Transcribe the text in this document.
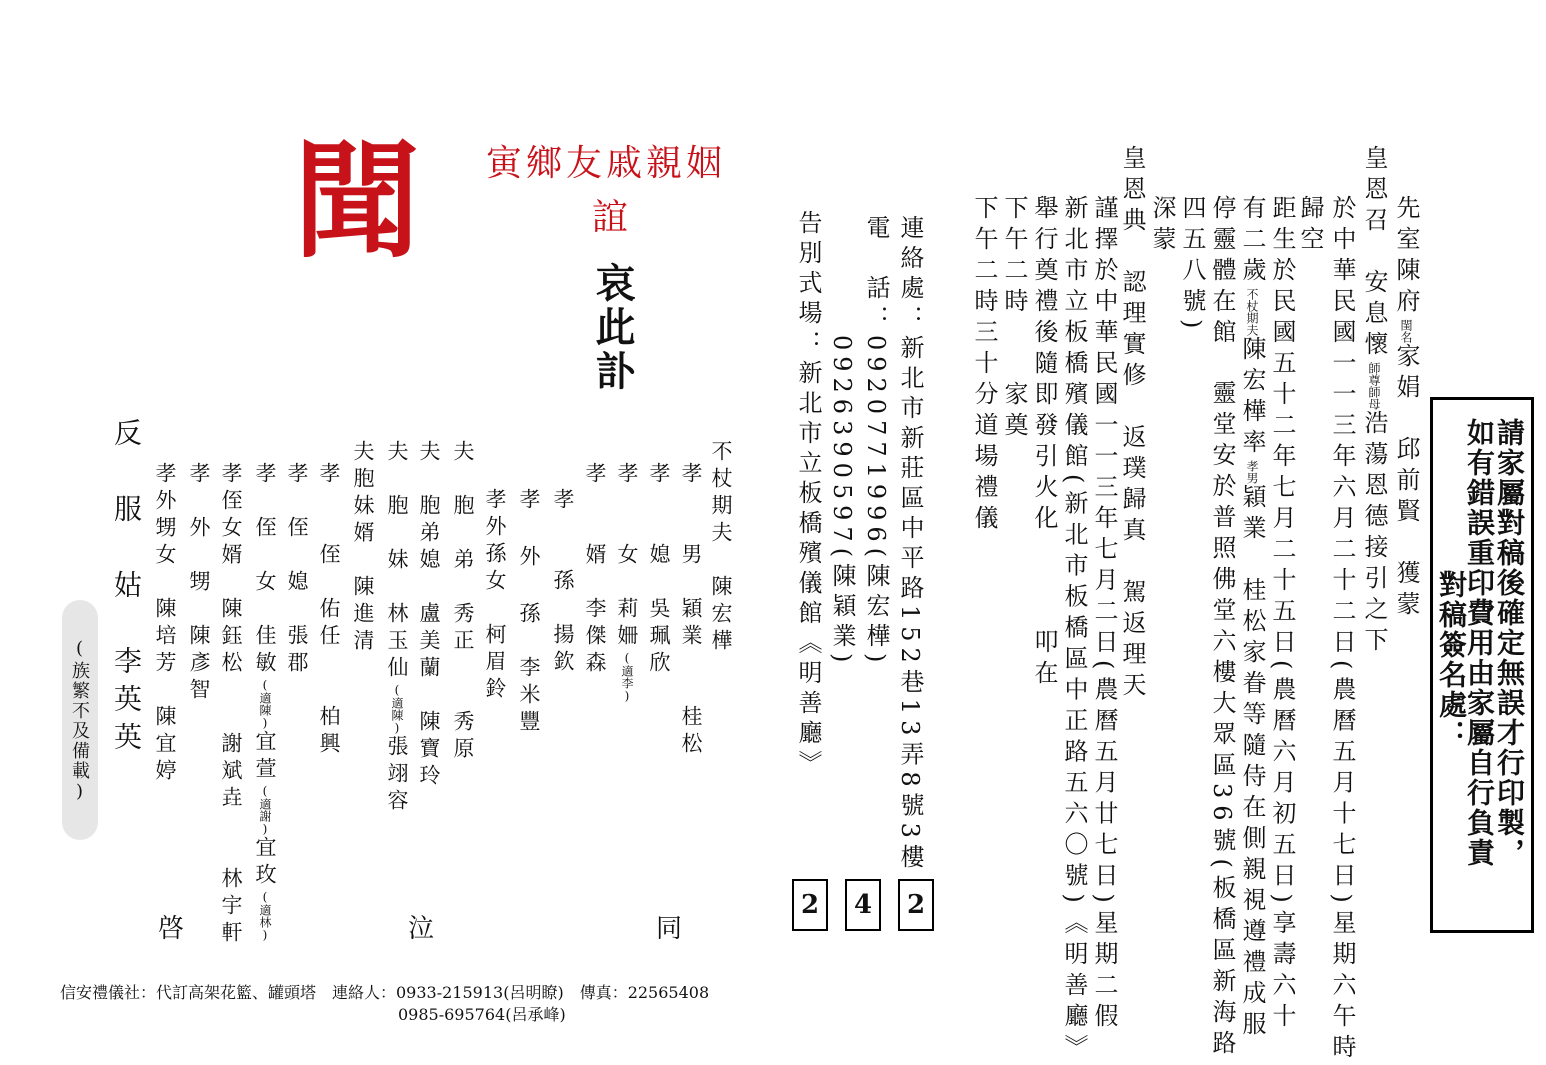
請家屬對稿後確定無誤才行印製，
如有錯誤重印費用由家屬自行負責
對稿簽名處：
先室陳府閨名家娟　邱前賢　獲蒙
皇恩召　安息懷師尊師母浩蕩恩德接引之下
於中華民國一一三年六月二十二日(農曆五月十七日)星期六午時
歸空
距生於民國五十二年七月二十五日(農曆六月初五日)享壽六十
有二歲不杖期夫陳宏樺率孝男穎業　桂松家眷等隨侍在側親視遵禮成服
停靈體在館靈堂安於普照佛堂六樓大眾區36號(板橋區新海路
四五八號)
深蒙
皇恩典　認理實修　返璞歸真　駕返理天
謹擇於中華民國一一三年七月二日(農曆五月廿七日)星期二假
新北市立板橋殯儀館(新北市板橋區中正路五六〇號)《明善廳》
舉行奠禮後隨即發引火化　　　叩在
下午二時　　家奠
下午二時三十分道場禮儀
連絡處：新北市新莊區中平路152巷13弄8號3樓
電　話：0920771996(陳宏樺)
　　　　0926390597(陳穎業)
告別式場：新北市立板橋殯儀館《明善廳》
2
4
2
聞 姻親戚友鄉寅
誼
哀此訃
不杖期夫　陳宏樺
孝　　男　穎業　　桂松
孝　　媳　吳珮欣
孝　　女　莉姍(適李)
孝　　婿　李傑森
孝　　孫　揚欽
孝 外 孫　李米豐
孝外孫女　柯眉鈴
夫　胞　弟　秀正　　秀原
夫　胞弟媳　盧美蘭　陳寶玲
夫　胞　妹　林玉仙(適陳)張翊容
夫胞妹婿　陳進清
孝　　侄　佑任　　柏興
孝　侄　媳　張郡
孝　侄　女　佳敏(適陳)宜萱(適謝)宜玫(適林)
孝侄女婿　陳鈺松　　謝斌垚　　林宇軒
孝　外　甥　陳彥智
孝外甥女　陳培芳　陳宜婷
反　服　姑　李英英
(族繁不及備載)
同
泣
啓
信安禮儀社：代訂高架花籃、罐頭塔　連絡人：0933-215913(呂明瞭)　傳真：22565408
0985-695764(呂承峰)
